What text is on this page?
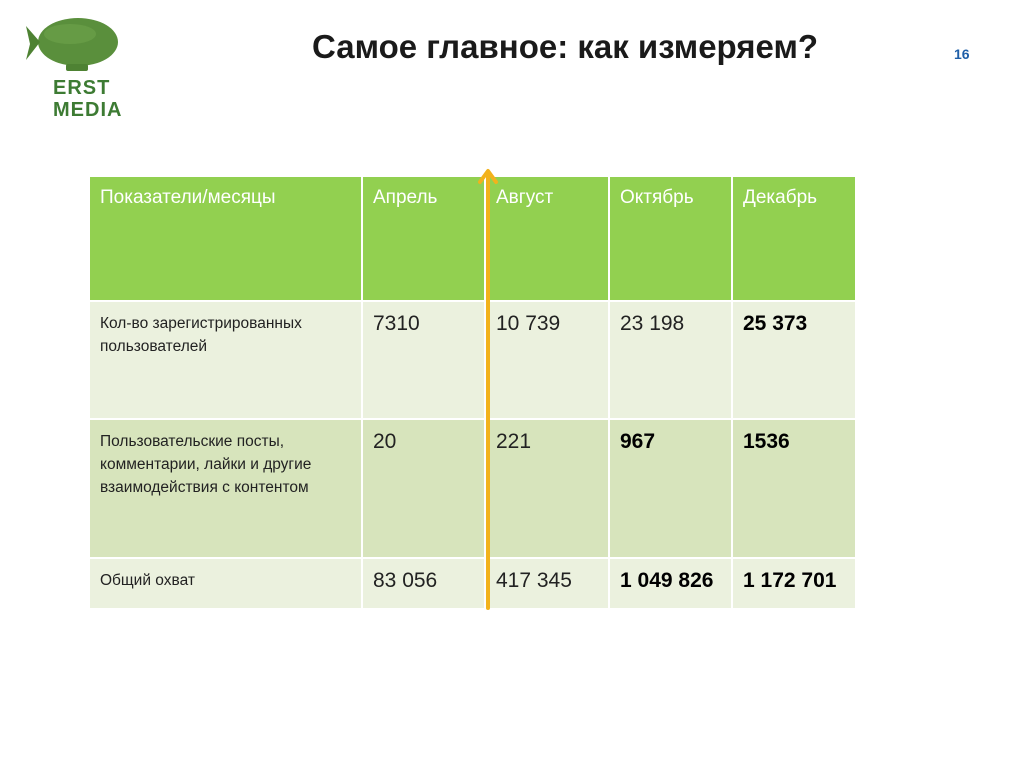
ERST
MEDIA
Самое главное: как измеряем?	16
Показатели/месяцы	Апрель	Август	Октябрь	Декабрь
Кол-во зарегистрированных пользователей	7310	10 739	23 198	25 373
Пользовательские посты, комментарии, лайки и другие взаимодействия с контентом	20	221	967	1536
Общий охват	83 056	417 345	1 049 826	1 172 701
